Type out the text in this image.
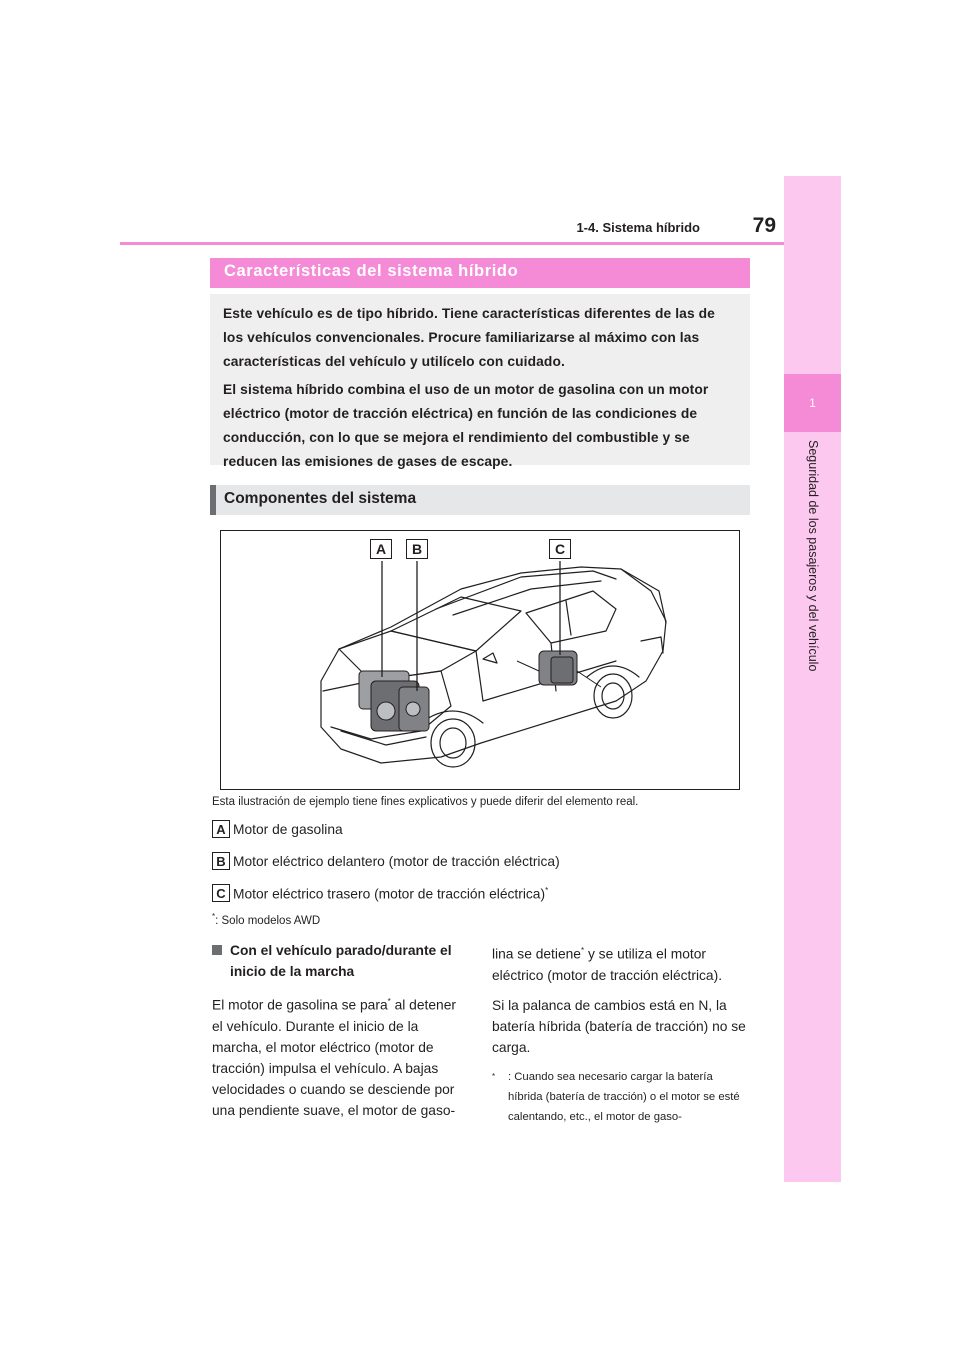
1
Seguridad de los pasajeros y del vehículo
1-4. Sistema híbrido	79
Características del sistema híbrido

Este vehículo es de tipo híbrido. Tiene características diferentes de las de los vehículos convencionales. Procure familiarizarse al máximo con las características del vehículo y utilícelo con cuidado.

El sistema híbrido combina el uso de un motor de gasolina con un motor eléctrico (motor de tracción eléctrica) en función de las condiciones de conducción, con lo que se mejora el rendimiento del combustible y se reducen las emisiones de gases de escape.

Componentes del sistema
A	B	C
Esta ilustración de ejemplo tiene fines explicativos y puede diferir del elemento real.
A Motor de gasolina
B Motor eléctrico delantero (motor de tracción eléctrica)
C Motor eléctrico trasero (motor de tracción eléctrica)*
*: Solo modelos AWD
Con el vehículo parado/durante el inicio de la marcha

El motor de gasolina se para* al detener el vehículo. Durante el inicio de la marcha, el motor eléctrico (motor de tracción) impulsa el vehículo. A bajas velocidades o cuando se desciende por una pendiente suave, el motor de gaso-

lina se detiene* y se utiliza el motor eléctrico (motor de tracción eléctrica).

Si la palanca de cambios está en N, la batería híbrida (batería de tracción) no se carga.

* : Cuando sea necesario cargar la batería híbrida (batería de tracción) o el motor se esté calentando, etc., el motor de gaso-
